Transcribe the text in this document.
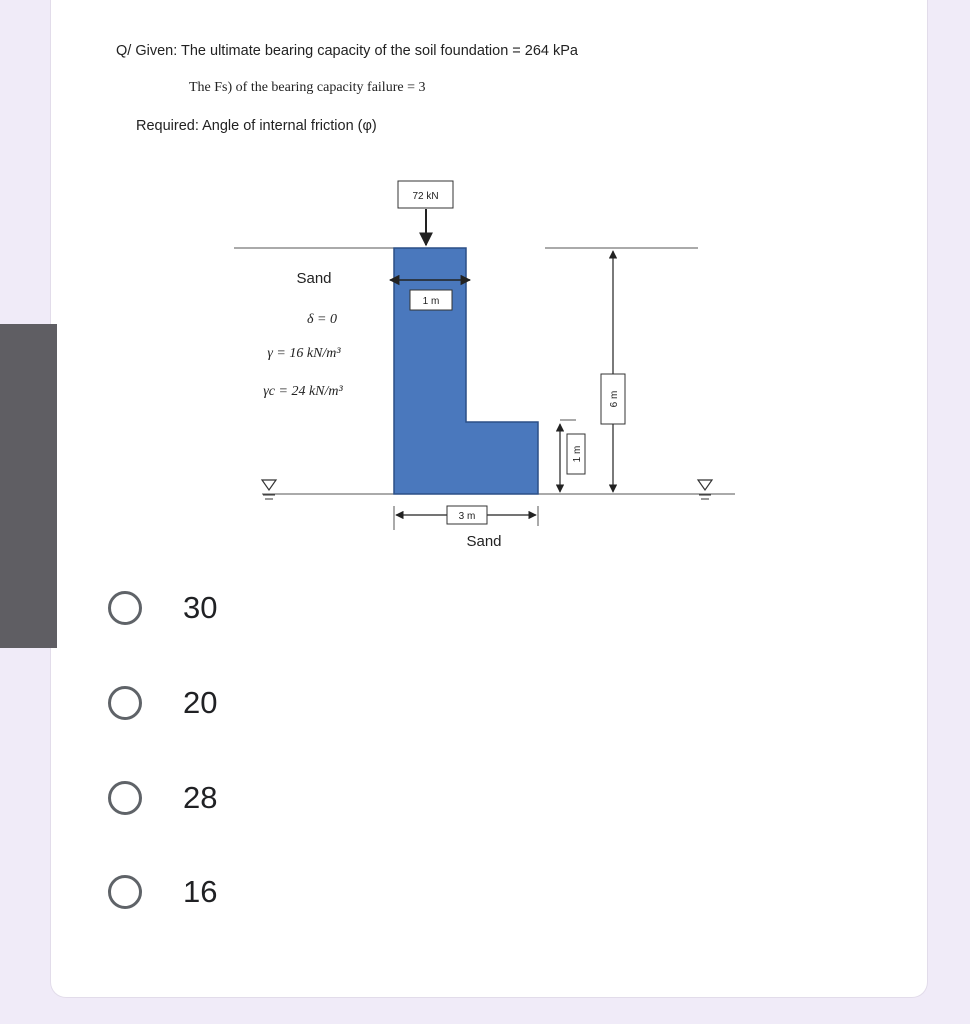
Q/ Given: The ultimate bearing capacity of the soil foundation = 264 kPa
The Fs) of the bearing capacity failure = 3
Required: Angle of internal friction (φ)
72 kN
1 m
Sand
δ = 0
γ = 16 kN/m³
γc = 24 kN/m³
3 m
Sand
1 m
6 m
30
20
28
16
